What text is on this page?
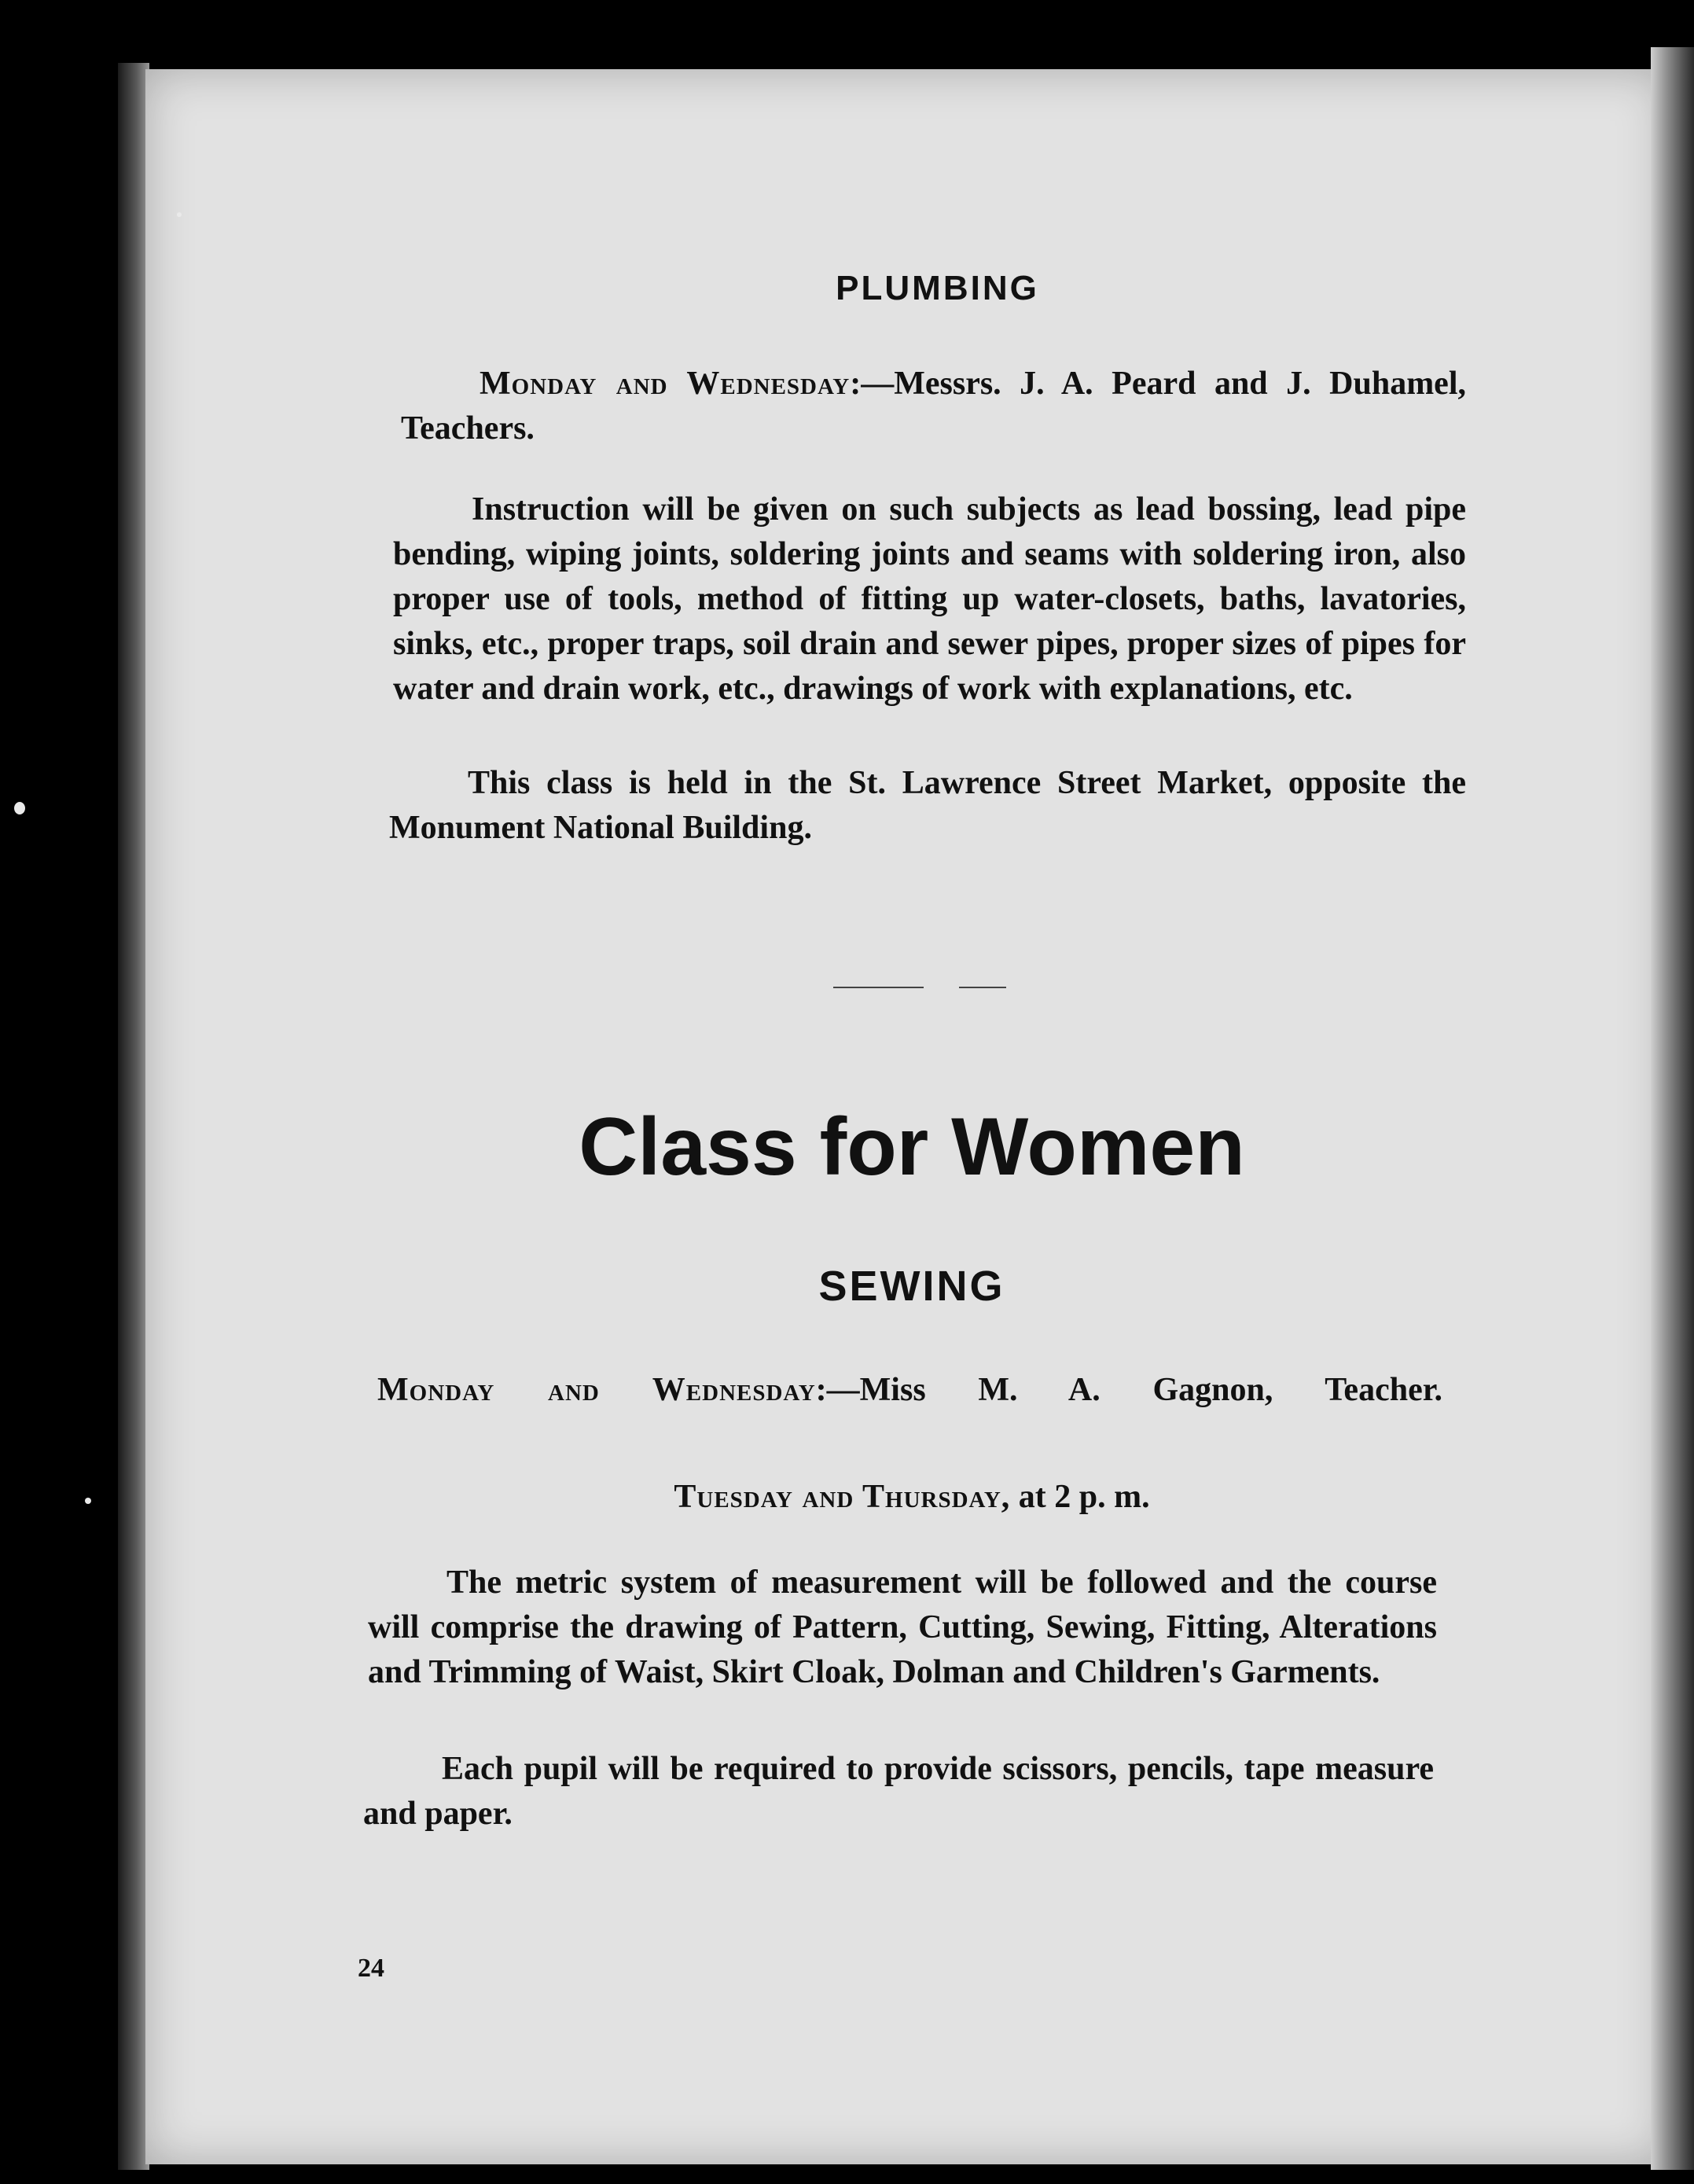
PLUMBING
Monday and Wednesday:—Messrs. J. A. Peard and J. Duhamel, Teachers.
Instruction will be given on such subjects as lead bossing, lead pipe bending, wiping joints, soldering joints and seams with soldering iron, also proper use of tools, method of fitting up water-closets, baths, lavatories, sinks, etc., proper traps, soil drain and sewer pipes, proper sizes of pipes for water and drain work, etc., drawings of work with explanations, etc.

This class is held in the St. Lawrence Street Market, opposite the Monument National Building.

Class for Women
SEWING
Monday and Wednesday:—Miss M. A. Gagnon, Teacher.
Tuesday and Thursday, at 2 p. m.

The metric system of measurement will be followed and the course will comprise the drawing of Pattern, Cutting, Sewing, Fitting, Alterations and Trimming of Waist, Skirt Cloak, Dolman and Children's Garments.

Each pupil will be required to provide scissors, pencils, tape measure and paper.

24
